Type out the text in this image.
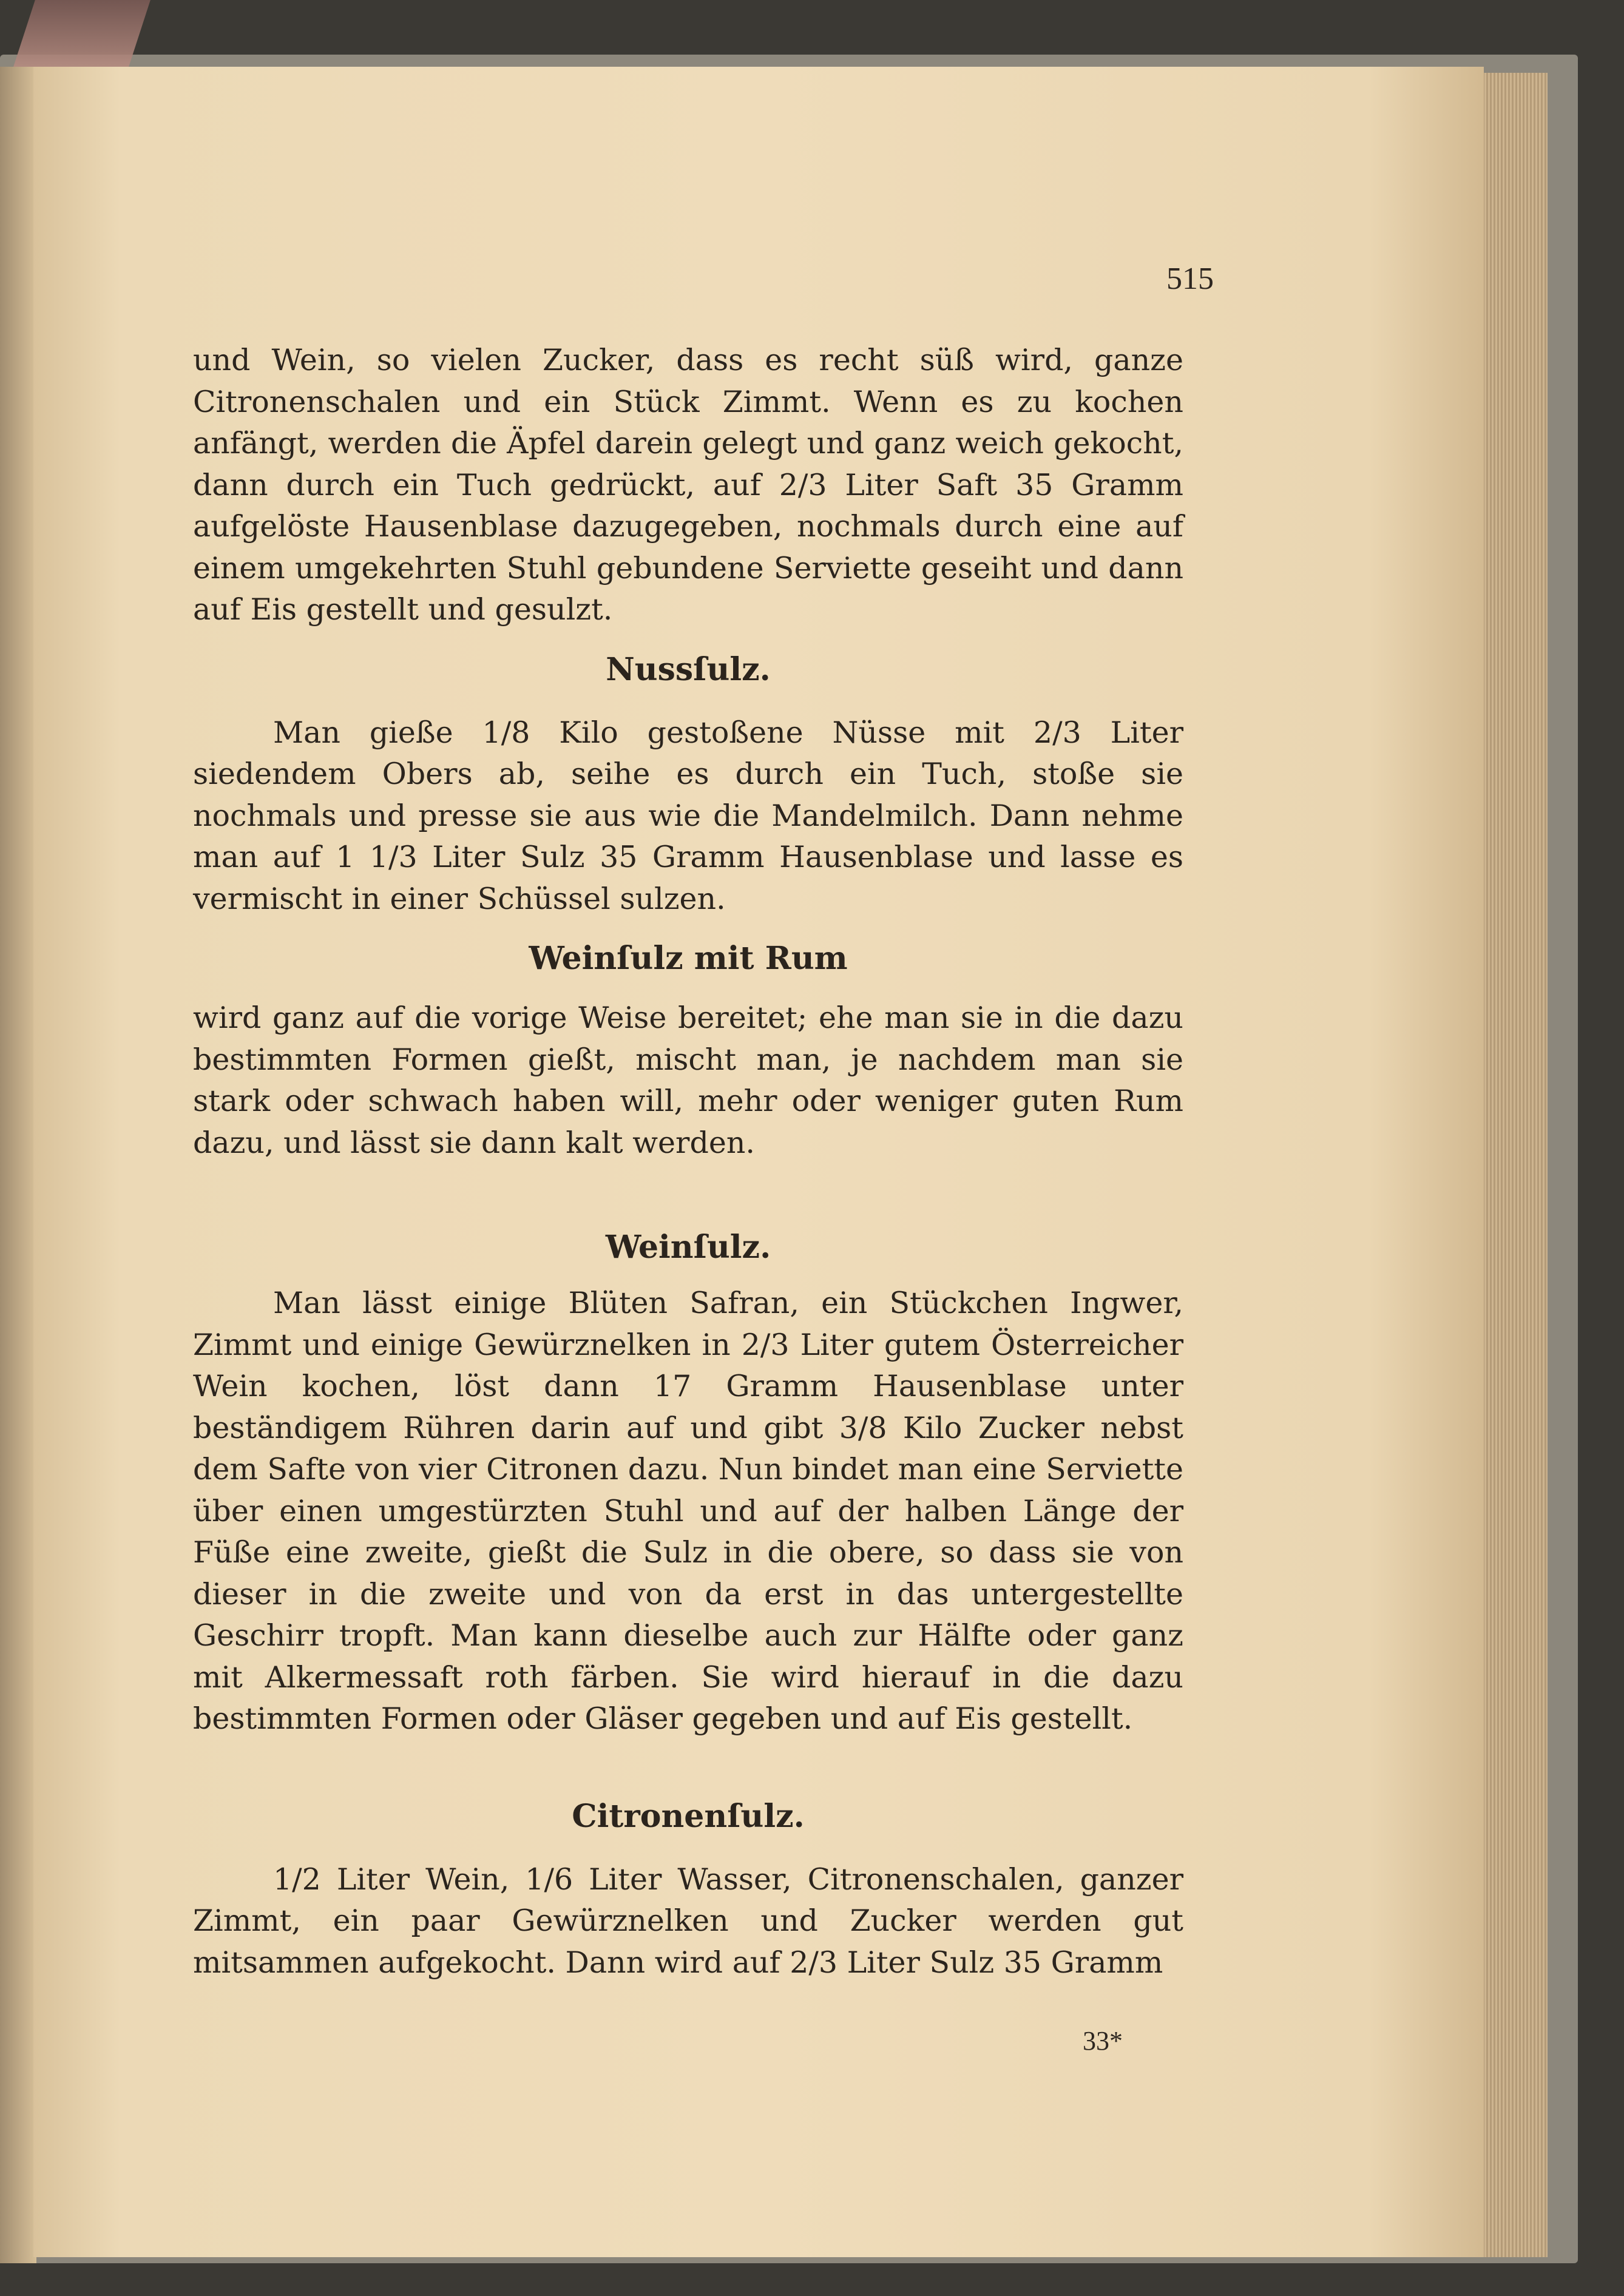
515

und Wein, so vielen Zucker, dass es recht süß wird, ganze Citronenschalen und ein Stück Zimmt. Wenn es zu kochen anfängt, werden die Äpfel darein gelegt und ganz weich gekocht, dann durch ein Tuch gedrückt, auf 2/3 Liter Saft 35 Gramm aufgelöste Hausenblase dazugegeben, nochmals durch eine auf einem umgekehrten Stuhl gebundene Serviette geseiht und dann auf Eis gestellt und gesulzt.

Nussſulz.

Man gieße 1/8 Kilo gestoßene Nüsse mit 2/3 Liter siedendem Obers ab, seihe es durch ein Tuch, stoße sie nochmals und presse sie aus wie die Mandelmilch. Dann nehme man auf 1 1/3 Liter Sulz 35 Gramm Hausenblase und lasse es vermischt in einer Schüssel sulzen.

Weinſulz mit Rum

wird ganz auf die vorige Weise bereitet; ehe man sie in die dazu bestimmten Formen gießt, mischt man, je nachdem man sie stark oder schwach haben will, mehr oder weniger guten Rum dazu, und lässt sie dann kalt werden.

Weinſulz.

Man lässt einige Blüten Safran, ein Stückchen Ingwer, Zimmt und einige Gewürznelken in 2/3 Liter gutem Österreicher Wein kochen, löst dann 17 Gramm Hausenblase unter beständigem Rühren darin auf und gibt 3/8 Kilo Zucker nebst dem Safte von vier Citronen dazu. Nun bindet man eine Serviette über einen umgestürzten Stuhl und auf der halben Länge der Füße eine zweite, gießt die Sulz in die obere, so dass sie von dieser in die zweite und von da erst in das untergestellte Geschirr tropft. Man kann dieselbe auch zur Hälfte oder ganz mit Alkermessaft roth färben. Sie wird hierauf in die dazu bestimmten Formen oder Gläser gegeben und auf Eis gestellt.

Citronenſulz.

1/2 Liter Wein, 1/6 Liter Wasser, Citronenschalen, ganzer Zimmt, ein paar Gewürznelken und Zucker werden gut mitsammen aufgekocht. Dann wird auf 2/3 Liter Sulz 35 Gramm

33*
